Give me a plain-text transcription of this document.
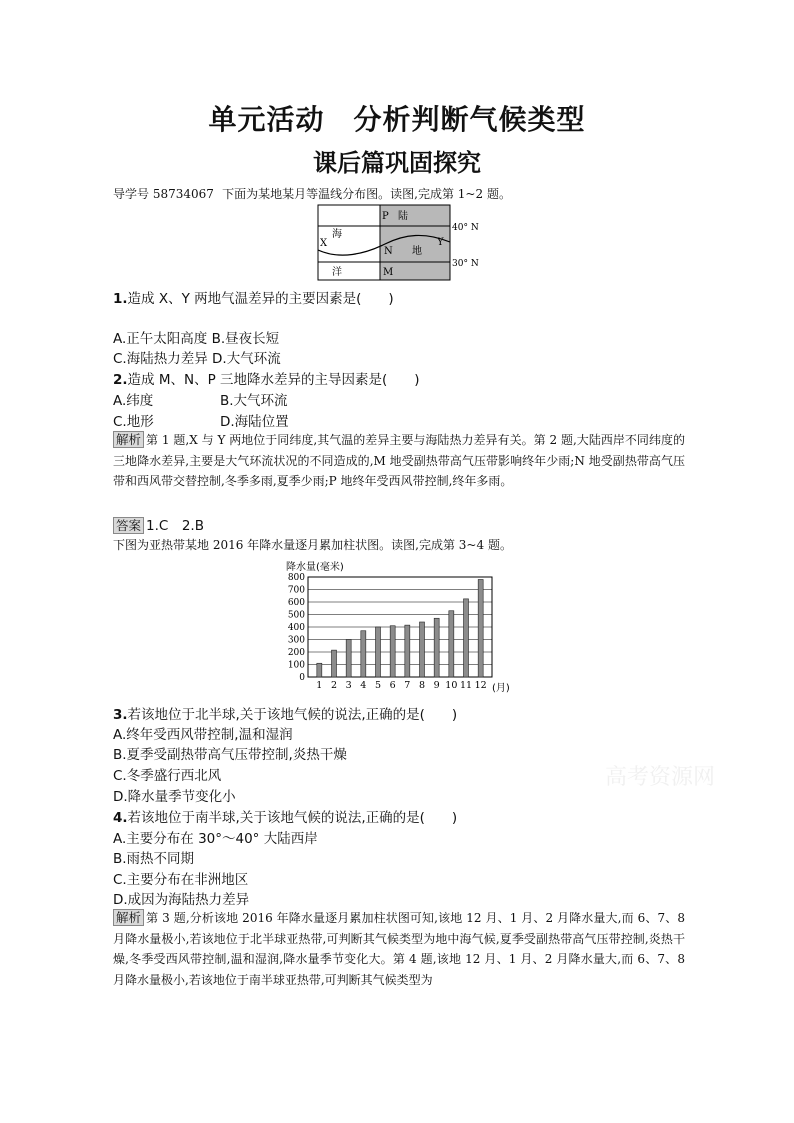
单元活动　分析判断气候类型
课后篇巩固探究
导学号 58734067 下面为某地某月等温线分布图。读图,完成第 1~2 题。
P 陆
海
X
N 地
Y
洋	M
40° N
30° N
1.造成 X、Y 两地气温差异的主要因素是(　　)
A.正午太阳高度 B.昼夜长短
C.海陆热力差异 D.大气环流
2.造成 M、N、P 三地降水差异的主导因素是(　　)
A.纬度	B.大气环流
C.地形	D.海陆位置
解析 第 1 题,X 与 Y 两地位于同纬度,其气温的差异主要与海陆热力差异有关。第 2 题,大陆西岸不同纬度的三地降水差异,主要是大气环流状况的不同造成的,M 地受副热带高气压带影响终年少雨;N 地受副热带高气压带和西风带交替控制,冬季多雨,夏季少雨;P 地终年受西风带控制,终年多雨。
答案 1.C　2.B
下图为亚热带某地 2016 年降水量逐月累加柱状图。读图,完成第 3~4 题。
降水量(毫米)
0
100
200
300
400
500
600
700
800
1 2 3 4 5 6 7 8 9 10 11 12 (月)
3.若该地位于北半球,关于该地气候的说法,正确的是(　　)
A.终年受西风带控制,温和湿润
B.夏季受副热带高气压带控制,炎热干燥
C.冬季盛行西北风
D.降水量季节变化小
高考资源网
4.若该地位于南半球,关于该地气候的说法,正确的是(　　)
A.主要分布在 30°～40° 大陆西岸
B.雨热不同期
C.主要分布在非洲地区
D.成因为海陆热力差异
解析 第 3 题,分析该地 2016 年降水量逐月累加柱状图可知,该地 12 月、1 月、2 月降水量大,而 6、7、8 月降水量极小,若该地位于北半球亚热带,可判断其气候类型为地中海气候,夏季受副热带高气压带控制,炎热干燥,冬季受西风带控制,温和湿润,降水量季节变化大。第 4 题,该地 12 月、1 月、2 月降水量大,而 6、7、8 月降水量极小,若该地位于南半球亚热带,可判断其气候类型为
